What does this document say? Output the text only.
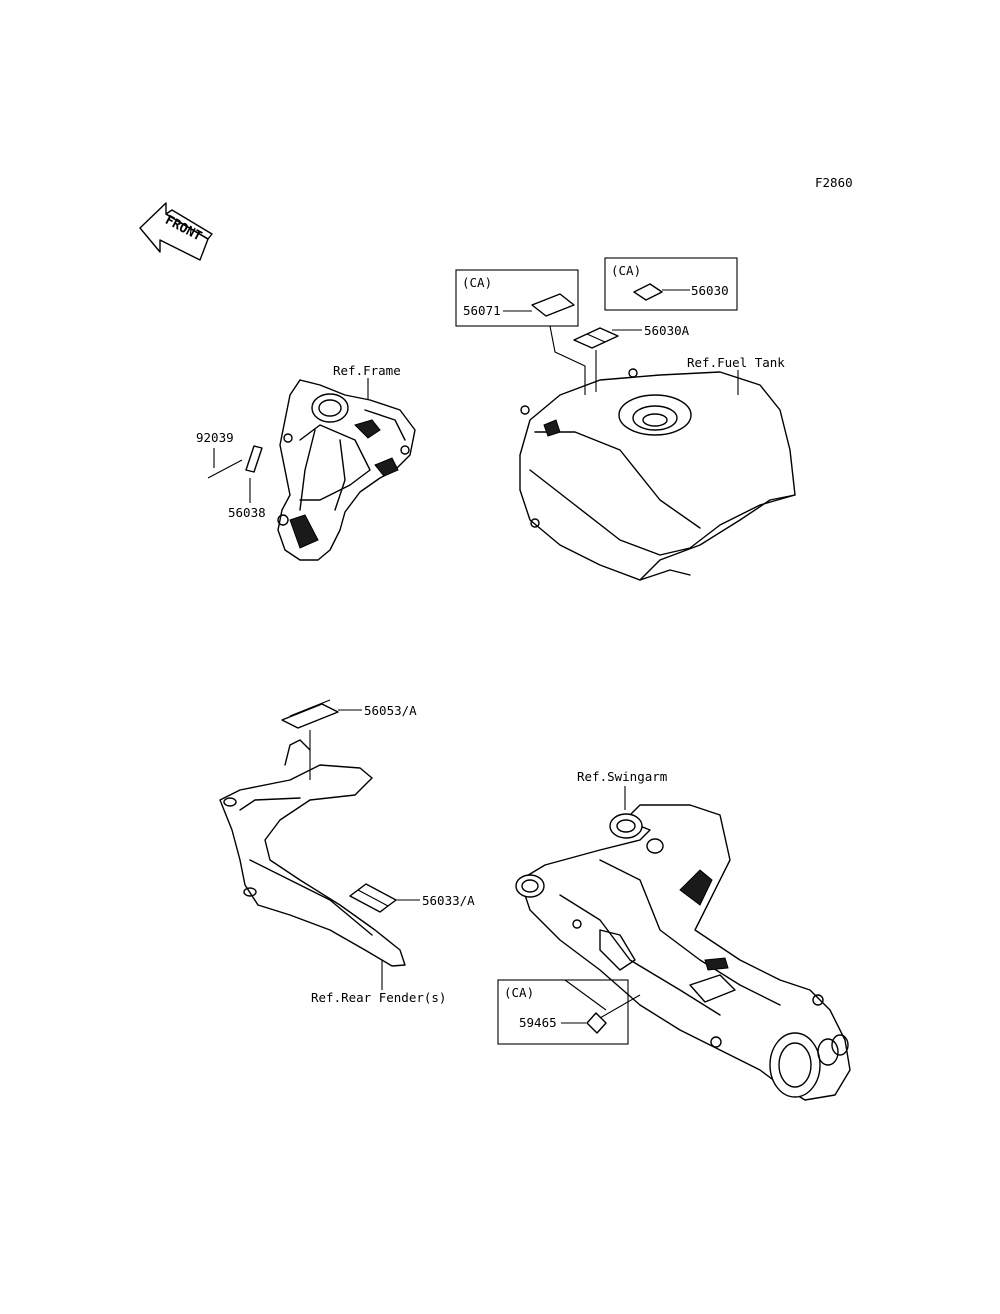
F2860
FRONT
92039
56038
Ref.Frame
Ref.Fuel Tank
(CA)
56071
(CA)
56030
56030A
56053/A
56033/A
Ref.Rear Fender(s)
Ref.Swingarm
(CA)
59465
